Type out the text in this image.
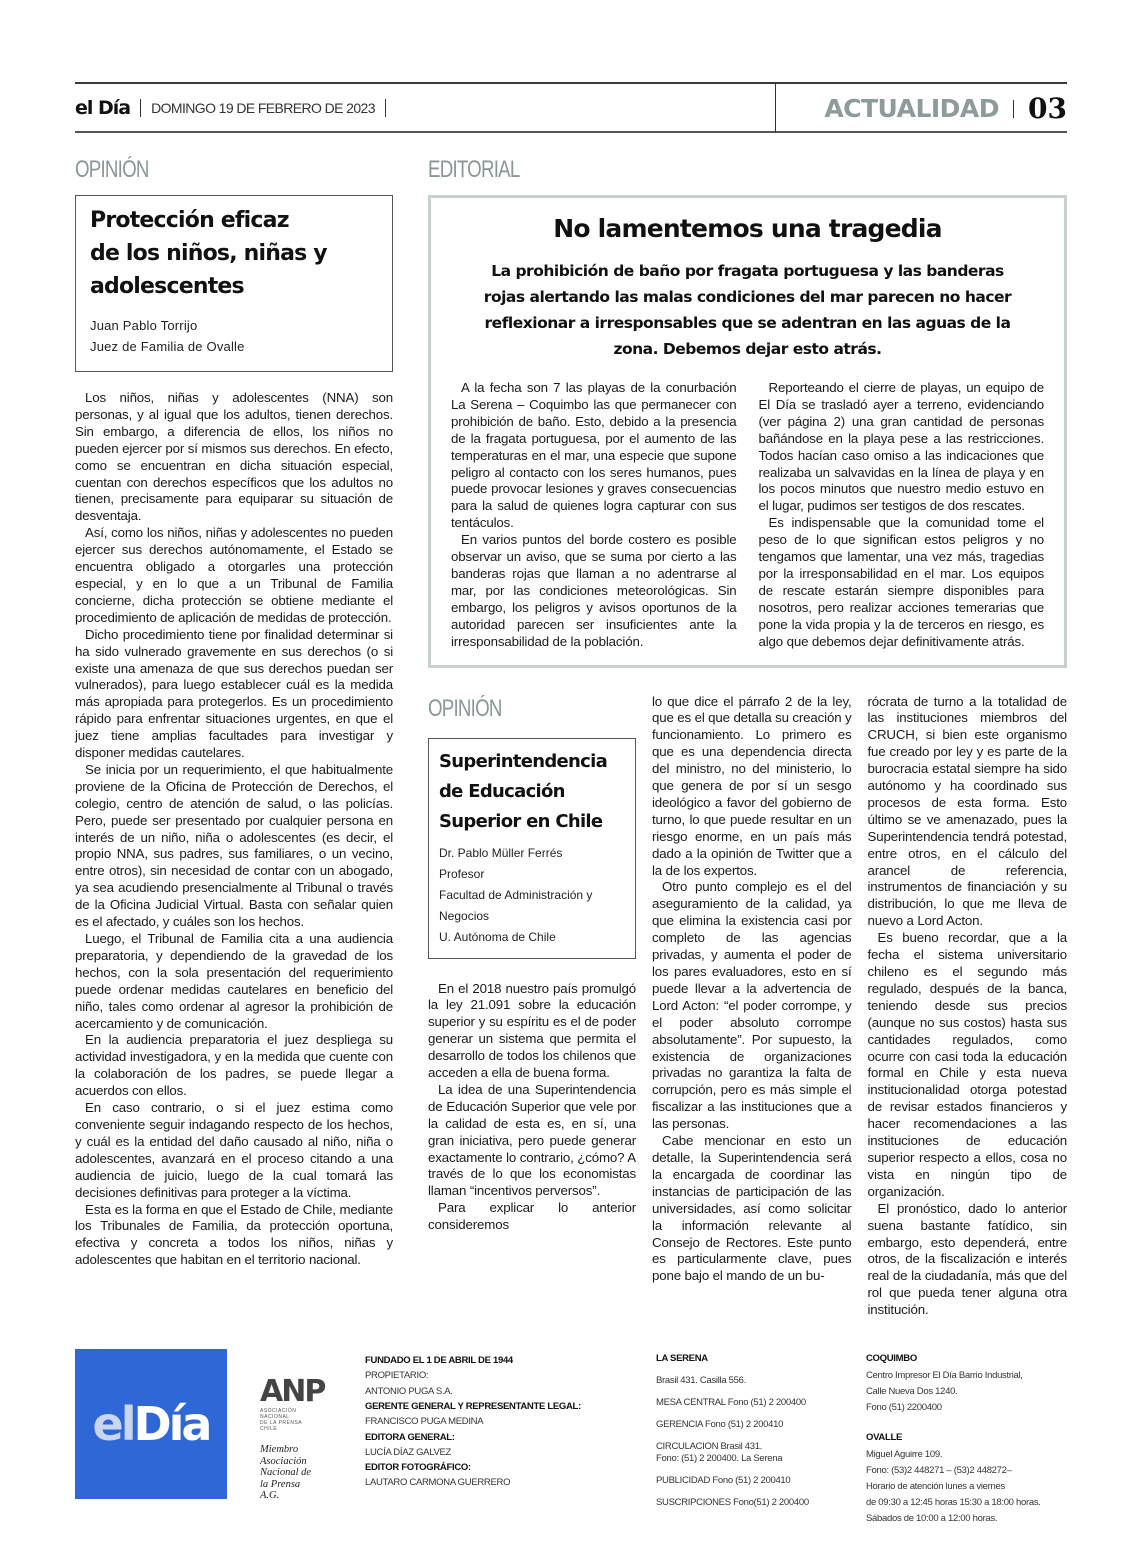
el Día DOMINGO 19 DE FEBRERO DE 2023	ACTUALIDAD 03
OPINIÓN
Protección eficaz
de los niños, niñas y
adolescentes
Juan Pablo Torrijo
Juez de Familia de Ovalle

Los niños, niñas y adolescentes (NNA) son personas, y al igual que los adultos, tienen derechos. Sin embargo, a diferencia de ellos, los niños no pueden ejercer por sí mismos sus derechos. En efecto, como se encuentran en dicha situación especial, cuentan con derechos específicos que los adultos no tienen, precisamente para equiparar su situación de desventaja.

Así, como los niños, niñas y adolescentes no pueden ejercer sus derechos autónomamente, el Estado se encuentra obligado a otorgarles una protección especial, y en lo que a un Tribunal de Familia concierne, dicha protección se obtiene mediante el procedimiento de aplicación de medidas de protección.

Dicho procedimiento tiene por finalidad determinar si ha sido vulnerado gravemente en sus derechos (o si existe una amenaza de que sus derechos puedan ser vulnerados), para luego establecer cuál es la medida más apropiada para protegerlos. Es un procedimiento rápido para enfrentar situaciones urgentes, en que el juez tiene amplias facultades para investigar y disponer medidas cautelares.

Se inicia por un requerimiento, el que habitualmente proviene de la Oficina de Protección de Derechos, el colegio, centro de atención de salud, o las policías. Pero, puede ser presentado por cualquier persona en interés de un niño, niña o adolescentes (es decir, el propio NNA, sus padres, sus familiares, o un vecino, entre otros), sin necesidad de contar con un abogado, ya sea acudiendo presencialmente al Tribunal o través de la Oficina Judicial Virtual. Basta con señalar quien es el afectado, y cuáles son los hechos.

Luego, el Tribunal de Familia cita a una audiencia preparatoria, y dependiendo de la gravedad de los hechos, con la sola presentación del requerimiento puede ordenar medidas cautelares en beneficio del niño, tales como ordenar al agresor la prohibición de acercamiento y de comunicación.

En la audiencia preparatoria el juez despliega su actividad investigadora, y en la medida que cuente con la colaboración de los padres, se puede llegar a acuerdos con ellos.

En caso contrario, o si el juez estima como conveniente seguir indagando respecto de los hechos, y cuál es la entidad del daño causado al niño, niña o adolescentes, avanzará en el proceso citando a una audiencia de juicio, luego de la cual tomará las decisiones definitivas para proteger a la víctima.

Esta es la forma en que el Estado de Chile, mediante los Tribunales de Familia, da protección oportuna, efectiva y concreta a todos los niños, niñas y adolescentes que habitan en el territorio nacional.

EDITORIAL
No lamentemos una tragedia
La prohibición de baño por fragata portuguesa y las banderas
rojas alertando las malas condiciones del mar parecen no hacer
reflexionar a irresponsables que se adentran en las aguas de la
zona. Debemos dejar esto atrás.

A la fecha son 7 las playas de la conurbación La Serena – Coquimbo las que permanecer con prohibición de baño. Esto, debido a la presencia de la fragata portuguesa, por el aumento de las temperaturas en el mar, una especie que supone peligro al contacto con los seres humanos, pues puede provocar lesiones y graves consecuencias para la salud de quienes logra capturar con sus tentáculos.

En varios puntos del borde costero es posible observar un aviso, que se suma por cierto a las banderas rojas que llaman a no adentrarse al mar, por las condiciones meteorológicas. Sin embargo, los peligros y avisos oportunos de la autoridad parecen ser insuficientes ante la irresponsabilidad de la población.

Reporteando el cierre de playas, un equipo de El Día se trasladó ayer a terreno, evidenciando (ver página 2) una gran cantidad de personas bañándose en la playa pese a las restricciones. Todos hacían caso omiso a las indicaciones que realizaba un salvavidas en la línea de playa y en los pocos minutos que nuestro medio estuvo en el lugar, pudimos ser testigos de dos rescates.

Es indispensable que la comunidad tome el peso de lo que significan estos peligros y no tengamos que lamentar, una vez más, tragedias por la irresponsabilidad en el mar. Los equipos de rescate estarán siempre disponibles para nosotros, pero realizar acciones temerarias que pone la vida propia y la de terceros en riesgo, es algo que debemos dejar definitivamente atrás.

OPINIÓN
Superintendencia
de Educación
Superior en Chile
Dr. Pablo Müller Ferrés
Profesor
Facultad de Administración y
Negocios
U. Autónoma de Chile

En el 2018 nuestro país promulgó la ley 21.091 sobre la educación superior y su espíritu es el de poder generar un sistema que permita el desarrollo de todos los chilenos que acceden a ella de buena forma.

La idea de una Superintendencia de Educación Superior que vele por la calidad de esta es, en sí, una gran iniciativa, pero puede generar exactamente lo contrario, ¿cómo? A través de lo que los economistas llaman “incentivos perversos”.

Para explicar lo anterior consideremos

lo que dice el párrafo 2 de la ley, que es el que detalla su creación y funcionamiento. Lo primero es que es una dependencia directa del ministro, no del ministerio, lo que genera de por sí un sesgo ideológico a favor del gobierno de turno, lo que puede resultar en un riesgo enorme, en un país más dado a la opinión de Twitter que a la de los expertos.

Otro punto complejo es el del aseguramiento de la calidad, ya que elimina la existencia casi por completo de las agencias privadas, y aumenta el poder de los pares evaluadores, esto en sí puede llevar a la advertencia de Lord Acton: “el poder corrompe, y el poder absoluto corrompe absolutamente”. Por supuesto, la existencia de organizaciones privadas no garantiza la falta de corrupción, pero es más simple el fiscalizar a las instituciones que a las personas.

Cabe mencionar en esto un detalle, la Superintendencia será la encargada de coordinar las instancias de participación de las universidades, así como solicitar la información relevante al Consejo de Rectores. Este punto es particularmente clave, pues pone bajo el mando de un bu-

rócrata de turno a la totalidad de las instituciones miembros del CRUCH, si bien este organismo fue creado por ley y es parte de la burocracia estatal siempre ha sido autónomo y ha coordinado sus procesos de esta forma. Esto último se ve amenazado, pues la Superintendencia tendrá potestad, entre otros, en el cálculo del arancel de referencia, instrumentos de financiación y su distribución, lo que me lleva de nuevo a Lord Acton.

Es bueno recordar, que a la fecha el sistema universitario chileno es el segundo más regulado, después de la banca, teniendo desde sus precios (aunque no sus costos) hasta sus cantidades regulados, como ocurre con casi toda la educación formal en Chile y esta nueva institucionalidad otorga potestad de revisar estados financieros y hacer recomendaciones a las instituciones de educación superior respecto a ellos, cosa no vista en ningún tipo de organización.

El pronóstico, dado lo anterior suena bastante fatídico, sin embargo, esto dependerá, entre otros, de la fiscalización e interés real de la ciudadanía, más que del rol que pueda tener alguna otra institución.

el Día
ANP
ASOCIACIÓN
NACIONAL
DE LA PRENSA
CHILE
Miembro
Asociación
Nacional de
la Prensa
A.G.
FUNDADO EL 1 DE ABRIL DE 1944
PROPIETARIO:
ANTONIO PUGA S.A.
GERENTE GENERAL Y REPRESENTANTE LEGAL:
FRANCISCO PUGA MEDINA
EDITORA GENERAL:
LUCÍA DÍAZ GALVEZ
EDITOR FOTOGRÁFICO:
LAUTARO CARMONA GUERRERO
LA SERENA
Brasil 431. Casilla 556.
MESA CENTRAL Fono (51) 2 200400
GERENCIA Fono (51) 2 200410
CIRCULACION Brasil 431.
Fono: (51) 2 200400. La Serena
PUBLICIDAD Fono (51) 2 200410
SUSCRIPCIONES Fono(51) 2 200400
COQUIMBO
Centro Impresor El Día Barrio Industrial,
Calle Nueva Dos 1240.
Fono (51) 2200400
OVALLE
Miguel Aguirre 109.
Fono: (53)2 448271 – (53)2 448272–
Horario de atención lunes a viernes
de 09:30 a 12:45 horas 15:30 a 18:00 horas.
Sábados de 10:00 a 12:00 horas.
